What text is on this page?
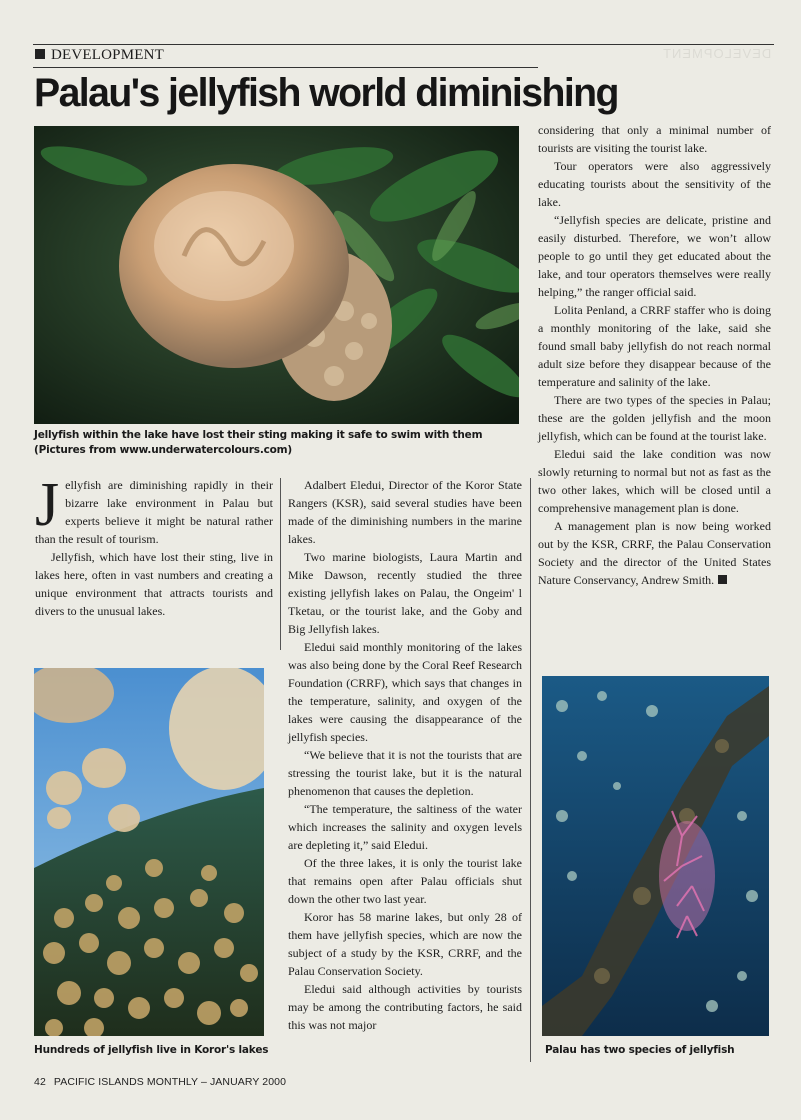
DEVELOPMENT
DEVELOPMENT
Palau's jellyfish world diminishing
Jellyfish within the lake have lost their sting making it safe to swim with them (Pictures from www.underwatercolours.com)

Jellyfish are diminishing rapidly in their bizarre lake environment in Palau but experts believe it might be natural rather than the result of tourism.

Jellyfish, which have lost their sting, live in lakes here, often in vast numbers and creating a unique environment that attracts tourists and divers to the unusual lakes.

Adalbert Eledui, Director of the Koror State Rangers (KSR), said several studies have been made of the diminishing numbers in the marine lakes.

Two marine biologists, Laura Martin and Mike Dawson, recently studied the three existing jellyfish lakes on Palau, the Ongeim' l Tketau, or the tourist lake, and the Goby and Big Jellyfish lakes.

Eledui said monthly monitoring of the lakes was also being done by the Coral Reef Research Foundation (CRRF), which says that changes in the temperature, salinity, and oxygen of the lakes were causing the disappearance of the jellyfish species.

“We believe that it is not the tourists that are stressing the tourist lake, but it is the natural phenomenon that causes the depletion.

“The temperature, the saltiness of the water which increases the salinity and oxygen levels are depleting it,” said Eledui.

Of the three lakes, it is only the tourist lake that remains open after Palau officials shut down the other two last year.

Koror has 58 marine lakes, but only 28 of them have jellyfish species, which are now the subject of a study by the KSR, CRRF, and the Palau Conservation Society.

Eledui said although activities by tourists may be among the contributing factors, he said this was not major

considering that only a minimal number of tourists are visiting the tourist lake.

Tour operators were also aggressively educating tourists about the sensitivity of the lake.

“Jellyfish species are delicate, pristine and easily disturbed. Therefore, we won’t allow people to go until they get educated about the lake, and tour operators themselves were really helping,” the ranger official said.

Lolita Penland, a CRRF staffer who is doing a monthly monitoring of the lake, said she found small baby jellyfish do not reach normal adult size before they disappear because of the temperature and salinity of the lake.

There are two types of the species in Palau; these are the golden jellyfish and the moon jellyfish, which can be found at the tourist lake.

Eledui said the lake condition was now slowly returning to normal but not as fast as the two other lakes, which will be closed until a comprehensive management plan is done.

A management plan is now being worked out by the KSR, CRRF, the Palau Conservation Society and the director of the United States Nature Conservancy, Andrew Smith.

Hundreds of jellyfish live in Koror's lakes	Palau has two species of jellyfish
42 PACIFIC ISLANDS MONTHLY – JANUARY 2000
